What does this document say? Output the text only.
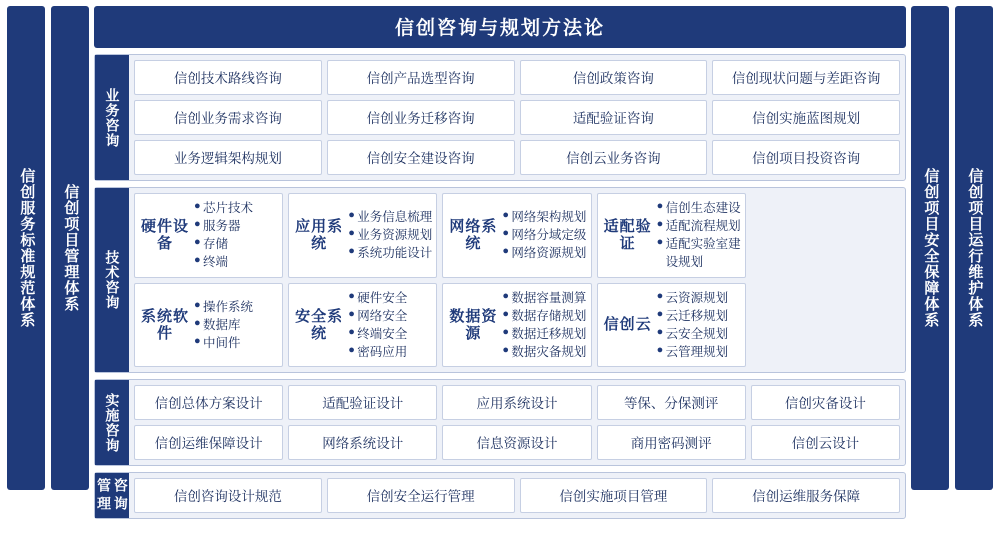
信创服务标准规范体系 信创项目管理体系
信创咨询与规划方法论
业务咨询
信创技术路线咨询	信创产品选型咨询	信创政策咨询	信创现状问题与差距咨询
信创业务需求咨询	信创业务迁移咨询	适配验证咨询	信创实施蓝图规划
业务逻辑架构规划	信创安全建设咨询	信创云业务咨询	信创项目投资咨询
技术咨询
硬件设备
● 芯片技术
● 服务器
● 存储
● 终端
应用系统
● 业务信息梳理
● 业务资源规划
● 系统功能设计
网络系统
● 网络架构规划
● 网络分域定级
● 网络资源规划
适配验证
● 信创生态建设
● 适配流程规划
● 适配实验室建设规划
系统软件
● 操作系统
● 数据库
● 中间件
安全系统
● 硬件安全
● 网络安全
● 终端安全
● 密码应用
数据资源
● 数据容量测算
● 数据存储规划
● 数据迁移规划
● 数据灾备规划
信创云
● 云资源规划
● 云迁移规划
● 云安全规划
● 云管理规划
实施咨询	信创总体方案设计	适配验证设计	应用系统设计	等保、分保测评	信创灾备设计
信创运维保障设计	网络系统设计	信息资源设计	商用密码测评	信创云设计
咨询管理	信创咨询设计规范	信创安全运行管理	信创实施项目管理	信创运维服务保障
信创项目安全保障体系 信创项目运行维护体系
